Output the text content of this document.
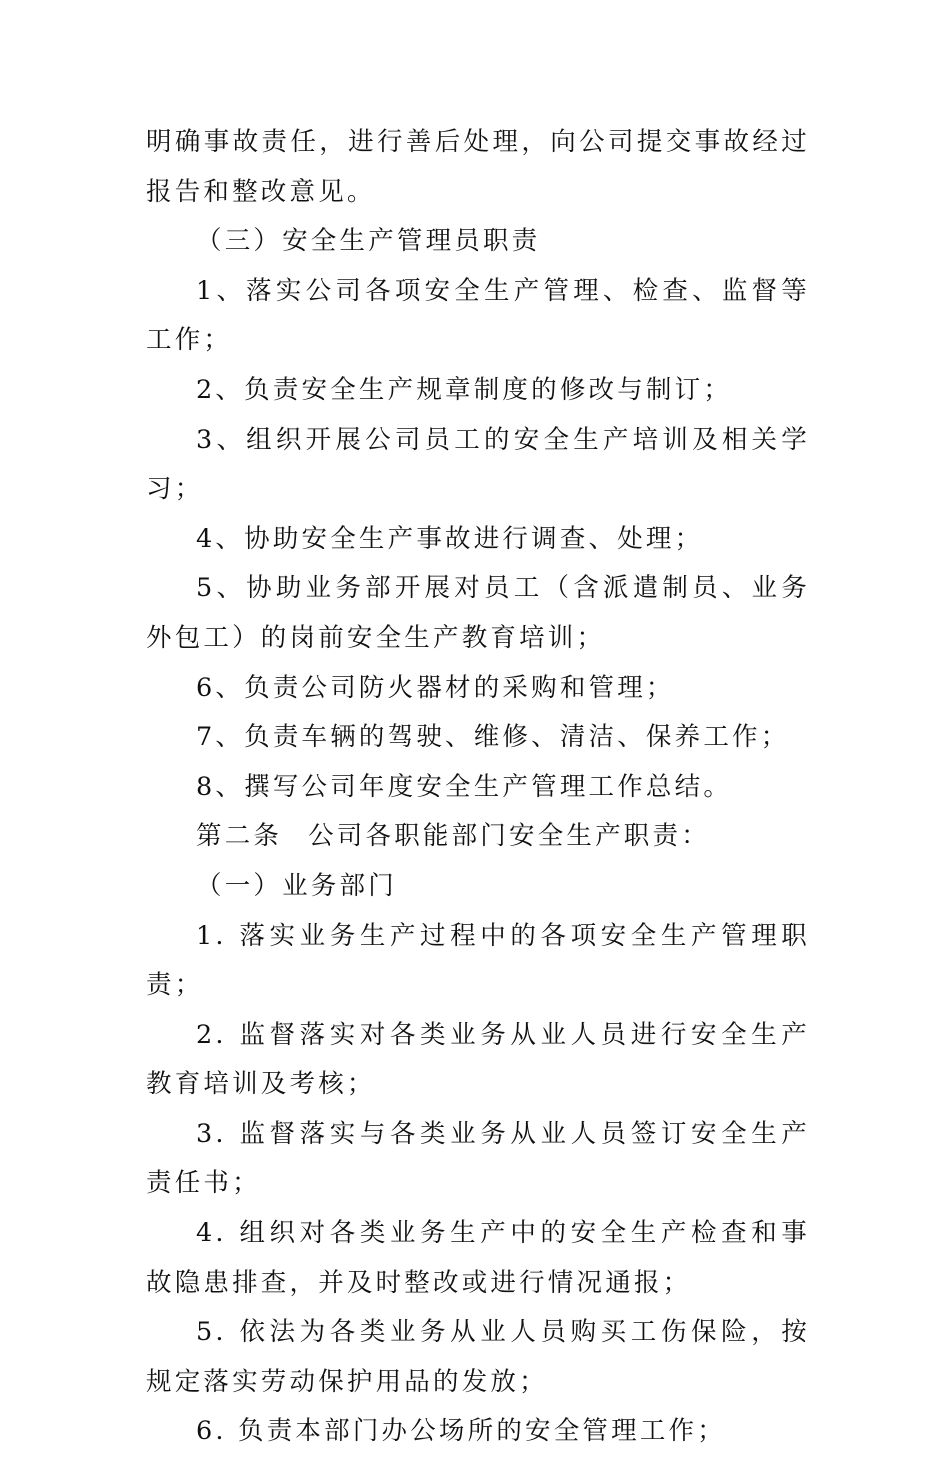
明确事故责任，进行善后处理，向公司提交事故经过报告和整改意见。

（三）安全生产管理员职责

1、落实公司各项安全生产管理、检查、监督等工作；

2、负责安全生产规章制度的修改与制订；

3、组织开展公司员工的安全生产培训及相关学习；

4、协助安全生产事故进行调查、处理；

5、协助业务部开展对员工（含派遣制员、业务外包工）的岗前安全生产教育培训；

6、负责公司防火器材的采购和管理；

7、负责车辆的驾驶、维修、清洁、保养工作；

8、撰写公司年度安全生产管理工作总结。

第二条 公司各职能部门安全生产职责：

（一）业务部门

1. 落实业务生产过程中的各项安全生产管理职责；

2. 监督落实对各类业务从业人员进行安全生产教育培训及考核；

3. 监督落实与各类业务从业人员签订安全生产责任书；

4. 组织对各类业务生产中的安全生产检查和事故隐患排查，并及时整改或进行情况通报；

5. 依法为各类业务从业人员购买工伤保险，按规定落实劳动保护用品的发放；

6. 负责本部门办公场所的安全管理工作；
